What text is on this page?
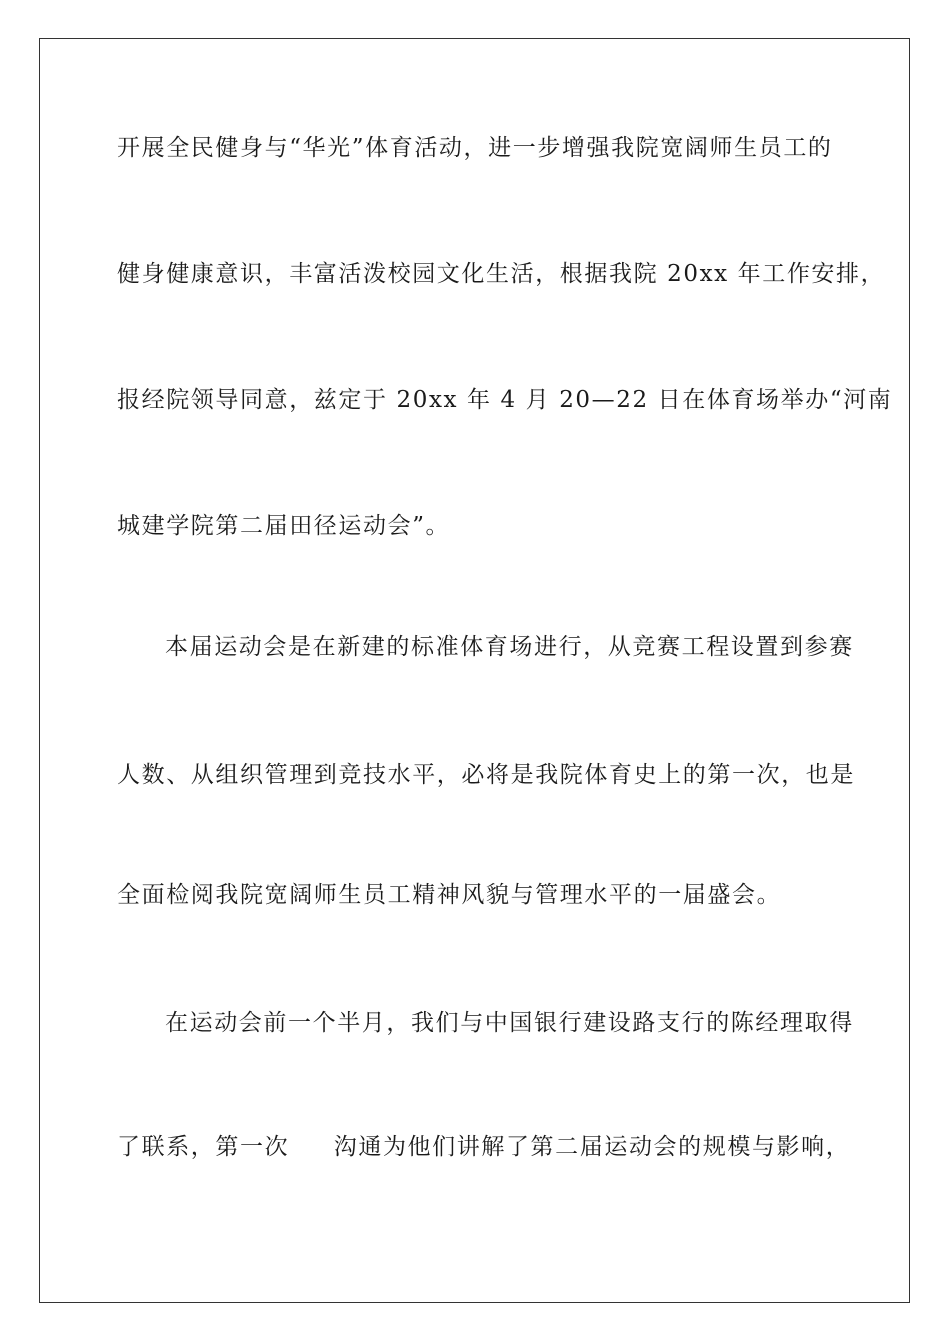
开展全民健身与“华光”体育活动，进一步增强我院宽阔师生员工的
健身健康意识，丰富活泼校园文化生活，根据我院 20xx 年工作安排，
报经院领导同意，兹定于 20xx 年 4 月 20—22 日在体育场举办“河南
城建学院第二届田径运动会”。
本届运动会是在新建的标准体育场进行，从竞赛工程设置到参赛
人数、从组织管理到竞技水平，必将是我院体育史上的第一次，也是
全面检阅我院宽阔师生员工精神风貌与管理水平的一届盛会。
在运动会前一个半月，我们与中国银行建设路支行的陈经理取得
了联系，第一次     沟通为他们讲解了第二届运动会的规模与影响，
